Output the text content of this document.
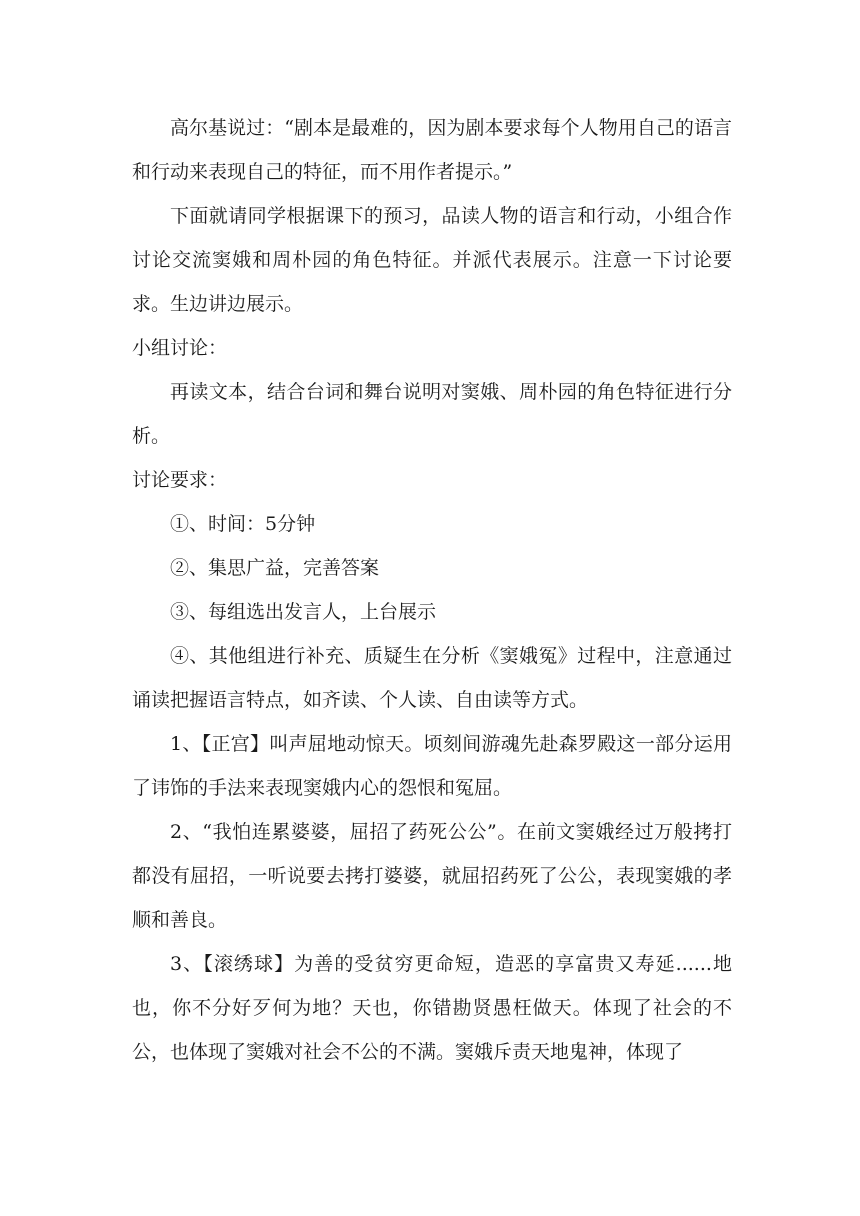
高尔基说过：“剧本是最难的，因为剧本要求每个人物用自己的语言和行动来表现自己的特征，而不用作者提示。”

下面就请同学根据课下的预习，品读人物的语言和行动，小组合作讨论交流窦娥和周朴园的角色特征。并派代表展示。注意一下讨论要求。生边讲边展示。

小组讨论：

再读文本，结合台词和舞台说明对窦娥、周朴园的角色特征进行分析。

讨论要求：

①、时间：5分钟

②、集思广益，完善答案

③、每组选出发言人，上台展示

④、其他组进行补充、质疑生在分析《窦娥冤》过程中，注意通过诵读把握语言特点，如齐读、个人读、自由读等方式。

1、【正宫】叫声屈地动惊天。顷刻间游魂先赴森罗殿这一部分运用了讳饰的手法来表现窦娥内心的怨恨和冤屈。

2、“我怕连累婆婆，屈招了药死公公”。在前文窦娥经过万般拷打都没有屈招，一听说要去拷打婆婆，就屈招药死了公公，表现窦娥的孝顺和善良。

3、【滚绣球】为善的受贫穷更命短，造恶的享富贵又寿延......地也，你不分好歹何为地？天也，你错勘贤愚枉做天。体现了社会的不公，也体现了窦娥对社会不公的不满。窦娥斥责天地鬼神，体现了
